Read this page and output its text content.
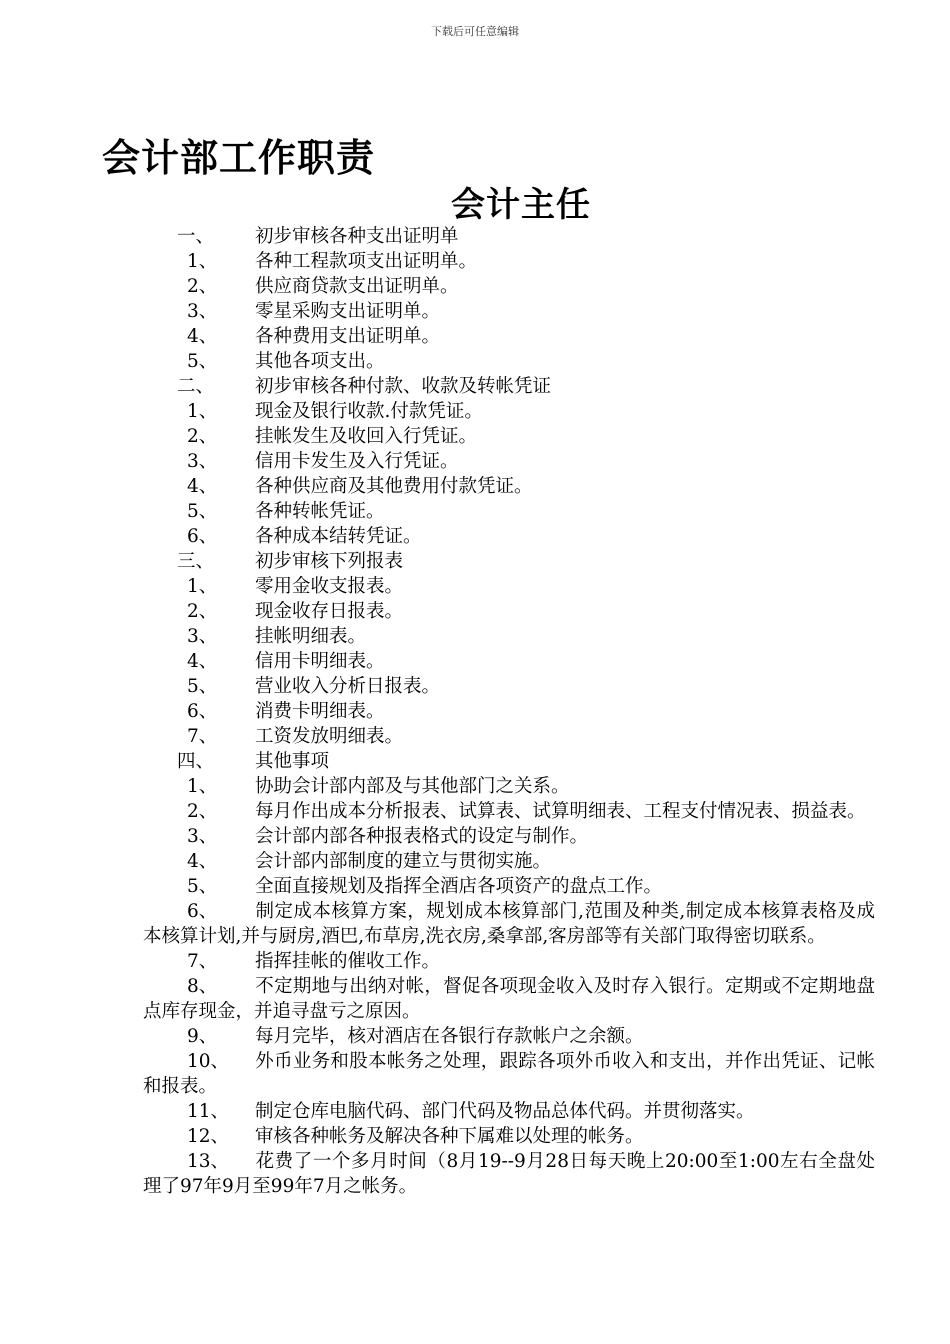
下载后可任意编辑
会计部工作职责
会计主任
一、 初步审核各种支出证明单
1、 各种工程款项支出证明单。
2、 供应商贷款支出证明单。
3、 零星采购支出证明单。
4、 各种费用支出证明单。
5、 其他各项支出。
二、 初步审核各种付款、收款及转帐凭证
1、 现金及银行收款.付款凭证。
2、 挂帐发生及收回入行凭证。
3、 信用卡发生及入行凭证。
4、 各种供应商及其他费用付款凭证。
5、 各种转帐凭证。
6、 各种成本结转凭证。
三、 初步审核下列报表
1、 零用金收支报表。
2、 现金收存日报表。
3、 挂帐明细表。
4、 信用卡明细表。
5、 营业收入分析日报表。
6、 消费卡明细表。
7、 工资发放明细表。
四、 其他事项
1、 协助会计部内部及与其他部门之关系。
2、 每月作出成本分析报表、试算表、试算明细表、工程支付情况表、损益表。
3、 会计部内部各种报表格式的设定与制作。
4、 会计部内部制度的建立与贯彻实施。
5、 全面直接规划及指挥全酒店各项资产的盘点工作。
6、 制定成本核算方案，规划成本核算部门,范围及种类,制定成本核算表格及成本核算计划,并与厨房,酒巴,布草房,洗衣房,桑拿部,客房部等有关部门取得密切联系。
7、 指挥挂帐的催收工作。
8、 不定期地与出纳对帐，督促各项现金收入及时存入银行。定期或不定期地盘点库存现金，并追寻盘亏之原因。
9、 每月完毕，核对酒店在各银行存款帐户之余额。
10、 外币业务和股本帐务之处理，跟踪各项外币收入和支出，并作出凭证、记帐和报表。
11、 制定仓库电脑代码、部门代码及物品总体代码。并贯彻落实。
12、 审核各种帐务及解决各种下属难以处理的帐务。
13、 花费了一个多月时间（8月19--9月28日每天晚上20:00至1:00左右全盘处理了97年9月至99年7月之帐务。
